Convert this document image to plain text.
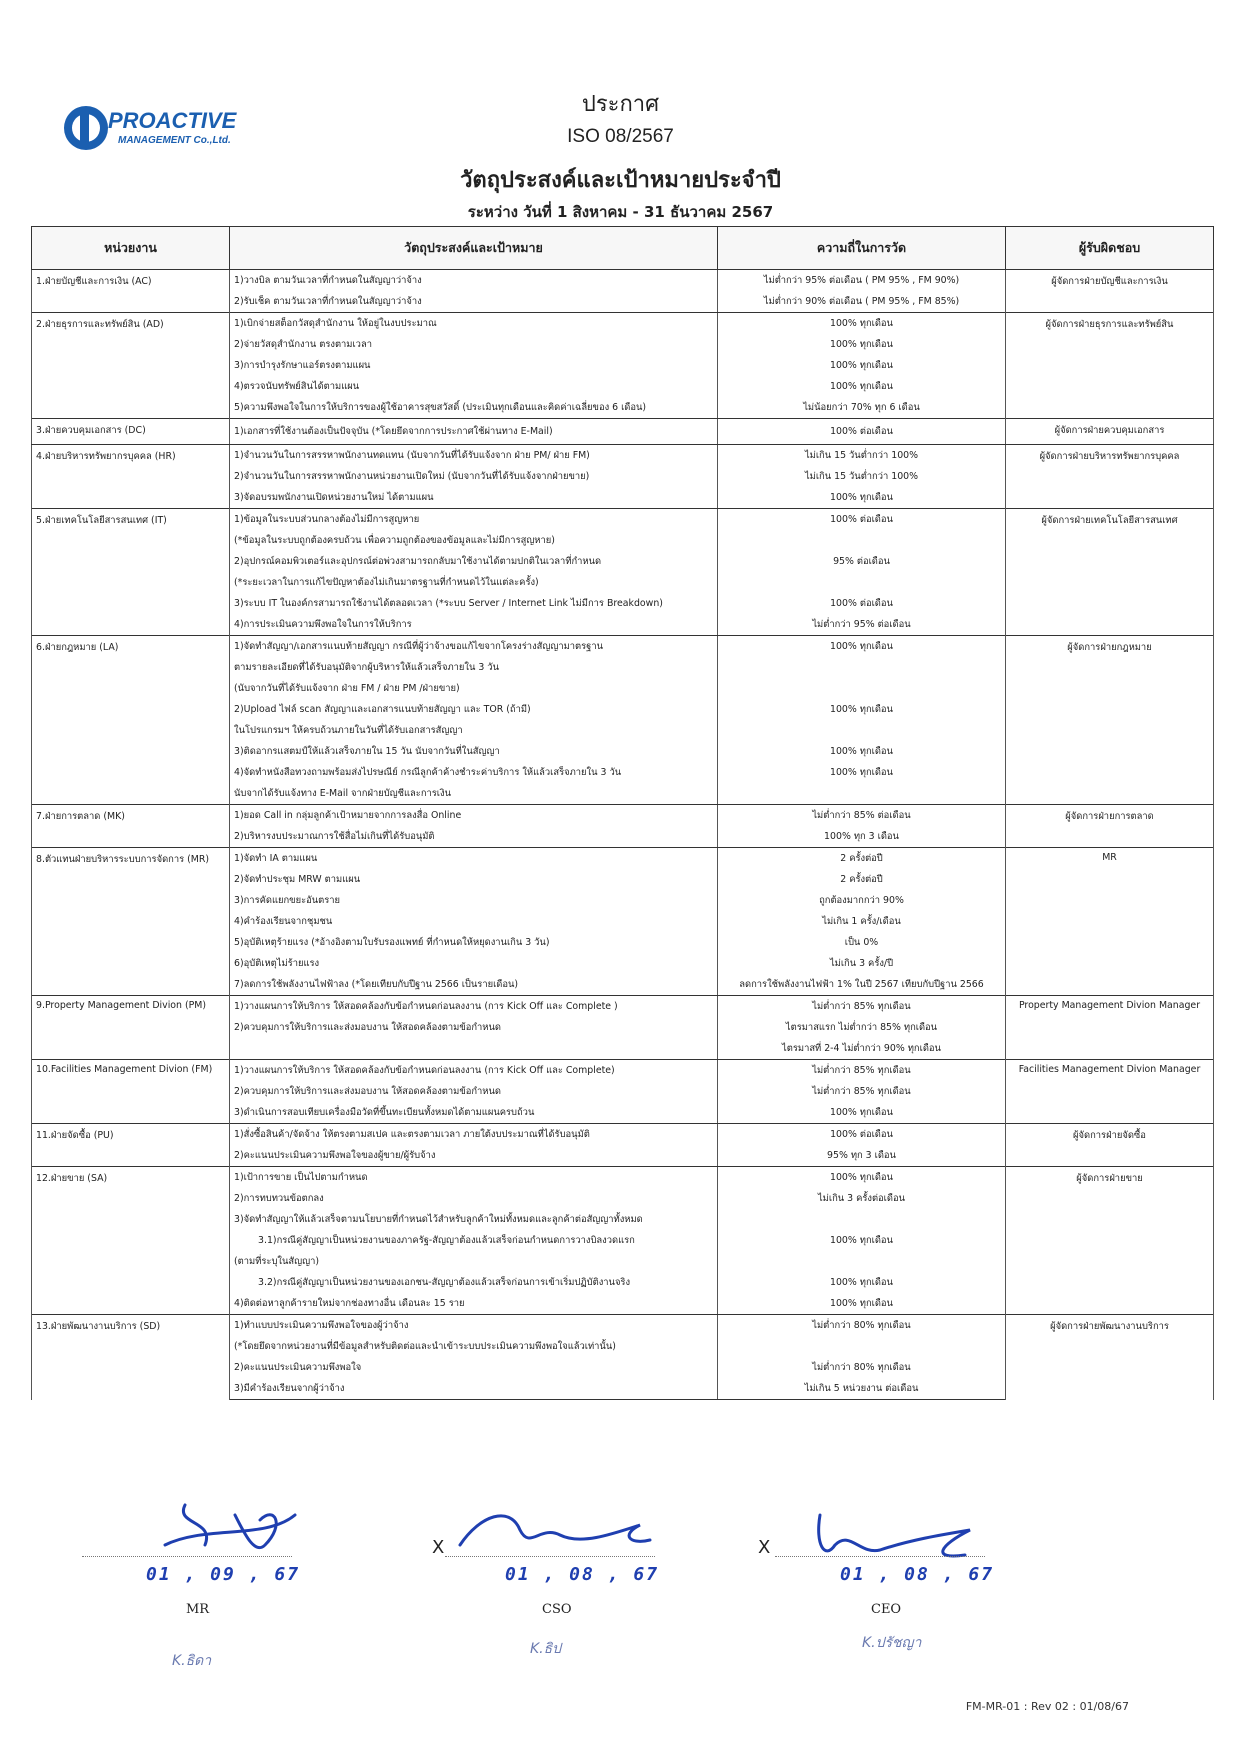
PROACTIVE
MANAGEMENT Co.,Ltd.
ประกาศ
ISO 08/2567
วัตถุประสงค์และเป้าหมายประจำปี
ระหว่าง วันที่ 1 สิงหาคม - 31 ธันวาคม 2567
หน่วยงาน	วัตถุประสงค์และเป้าหมาย	ความถี่ในการวัด	ผู้รับผิดชอบ
1.ฝ่ายบัญชีและการเงิน (AC)	1)วางบิล ตามวันเวลาที่กำหนดในสัญญาว่าจ้าง	ไม่ต่ำกว่า 95% ต่อเดือน ( PM 95% , FM 90%)	ผู้จัดการฝ่ายบัญชีและการเงิน
	2)รับเช็ค ตามวันเวลาที่กำหนดในสัญญาว่าจ้าง	ไม่ต่ำกว่า 90% ต่อเดือน ( PM 95% , FM 85%)	
2.ฝ่ายธุรการและทรัพย์สิน (AD)	1)เบิกจ่ายสต็อกวัสดุสำนักงาน ให้อยู่ในงบประมาณ	100% ทุกเดือน	ผู้จัดการฝ่ายธุรการและทรัพย์สิน
	2)จ่ายวัสดุสำนักงาน ตรงตามเวลา	100% ทุกเดือน	
	3)การบำรุงรักษาแอร์ตรงตามแผน	100% ทุกเดือน	
	4)ตรวจนับทรัพย์สินได้ตามแผน	100% ทุกเดือน	
	5)ความพึงพอใจในการให้บริการของผู้ใช้อาคารสุขสวัสดิ์ (ประเมินทุกเดือนและคิดค่าเฉลี่ยของ 6 เดือน)	ไม่น้อยกว่า 70% ทุก 6 เดือน	
3.ฝ่ายควบคุมเอกสาร (DC)	1)เอกสารที่ใช้งานต้องเป็นปัจจุบัน (*โดยยึดจากการประกาศใช้ผ่านทาง E-Mail)	100% ต่อเดือน	ผู้จัดการฝ่ายควบคุมเอกสาร
4.ฝ่ายบริหารทรัพยากรบุคคล (HR)	1)จำนวนวันในการสรรหาพนักงานทดแทน (นับจากวันที่ได้รับแจ้งจาก ฝ่าย PM/ ฝ่าย FM)	ไม่เกิน 15 วันต่ำกว่า 100%	ผู้จัดการฝ่ายบริหารทรัพยากรบุคคล
	2)จำนวนวันในการสรรหาพนักงานหน่วยงานเปิดใหม่ (นับจากวันที่ได้รับแจ้งจากฝ่ายขาย)	ไม่เกิน 15 วันต่ำกว่า 100%	
	3)จัดอบรมพนักงานเปิดหน่วยงานใหม่ ได้ตามแผน	100% ทุกเดือน	
5.ฝ่ายเทคโนโลยีสารสนเทศ (IT)	1)ข้อมูลในระบบส่วนกลางต้องไม่มีการสูญหาย	100% ต่อเดือน	ผู้จัดการฝ่ายเทคโนโลยีสารสนเทศ
	(*ข้อมูลในระบบถูกต้องครบถ้วน เพื่อความถูกต้องของข้อมูลและไม่มีการสูญหาย)		
	2)อุปกรณ์คอมพิวเตอร์และอุปกรณ์ต่อพ่วงสามารถกลับมาใช้งานได้ตามปกติในเวลาที่กำหนด	95% ต่อเดือน	
	(*ระยะเวลาในการแก้ไขปัญหาต้องไม่เกินมาตรฐานที่กำหนดไว้ในแต่ละครั้ง)		
	3)ระบบ IT ในองค์กรสามารถใช้งานได้ตลอดเวลา (*ระบบ Server / Internet Link ไม่มีการ Breakdown)	100% ต่อเดือน	
	4)การประเมินความพึงพอใจในการให้บริการ	ไม่ต่ำกว่า 95% ต่อเดือน	
6.ฝ่ายกฎหมาย (LA)	1)จัดทำสัญญา/เอกสารแนบท้ายสัญญา กรณีที่ผู้ว่าจ้างขอแก้ไขจากโครงร่างสัญญามาตรฐาน	100% ทุกเดือน	ผู้จัดการฝ่ายกฎหมาย
	ตามรายละเอียดที่ได้รับอนุมัติจากผู้บริหารให้แล้วเสร็จภายใน 3 วัน		
	(นับจากวันที่ได้รับแจ้งจาก ฝ่าย FM / ฝ่าย PM /ฝ่ายขาย)		
	2)Upload ไฟล์ scan สัญญาและเอกสารแนบท้ายสัญญา และ TOR (ถ้ามี)	100% ทุกเดือน	
	ในโปรแกรมฯ ให้ครบถ้วนภายในวันที่ได้รับเอกสารสัญญา		
	3)ติดอากรแสตมป์ให้แล้วเสร็จภายใน 15 วัน นับจากวันที่ในสัญญา	100% ทุกเดือน	
	4)จัดทำหนังสือทวงถามพร้อมส่งไปรษณีย์ กรณีลูกค้าค้างชำระค่าบริการ ให้แล้วเสร็จภายใน 3 วัน	100% ทุกเดือน	
	นับจากได้รับแจ้งทาง E-Mail จากฝ่ายบัญชีและการเงิน		
7.ฝ่ายการตลาด (MK)	1)ยอด Call in กลุ่มลูกค้าเป้าหมายจากการลงสื่อ Online	ไม่ต่ำกว่า 85% ต่อเดือน	ผู้จัดการฝ่ายการตลาด
	2)บริหารงบประมาณการใช้สื่อไม่เกินที่ได้รับอนุมัติ	100% ทุก 3 เดือน	
8.ตัวแทนฝ่ายบริหารระบบการจัดการ (MR)	1)จัดทำ IA ตามแผน	2 ครั้งต่อปี	MR
	2)จัดทำประชุม MRW ตามแผน	2 ครั้งต่อปี	
	3)การคัดแยกขยะอันตราย	ถูกต้องมากกว่า 90%	
	4)คำร้องเรียนจากชุมชน	ไม่เกิน 1 ครั้ง/เดือน	
	5)อุบัติเหตุร้ายแรง (*อ้างอิงตามใบรับรองแพทย์ ที่กำหนดให้หยุดงานเกิน 3 วัน)	เป็น 0%	
	6)อุบัติเหตุไม่ร้ายแรง	ไม่เกิน 3 ครั้ง/ปี	
	7)ลดการใช้พลังงานไฟฟ้าลง (*โดยเทียบกับปีฐาน 2566 เป็นรายเดือน)	ลดการใช้พลังงานไฟฟ้า 1% ในปี 2567 เทียบกับปีฐาน 2566	
9.Property Management Divion (PM)	1)วางแผนการให้บริการ ให้สอดคล้องกับข้อกำหนดก่อนลงงาน (การ Kick Off และ Complete )	ไม่ต่ำกว่า 85% ทุกเดือน	Property Management Divion Manager
	2)ควบคุมการให้บริการและส่งมอบงาน ให้สอดคล้องตามข้อกำหนด	ไตรมาสแรก ไม่ต่ำกว่า 85% ทุกเดือน	
		ไตรมาสที่ 2-4 ไม่ต่ำกว่า 90% ทุกเดือน	
10.Facilities Management Divion (FM)	1)วางแผนการให้บริการ ให้สอดคล้องกับข้อกำหนดก่อนลงงาน (การ Kick Off และ Complete)	ไม่ต่ำกว่า 85% ทุกเดือน	Facilities Management Divion Manager
	2)ควบคุมการให้บริการและส่งมอบงาน ให้สอดคล้องตามข้อกำหนด	ไม่ต่ำกว่า 85% ทุกเดือน	
	3)ดำเนินการสอบเทียบเครื่องมือวัดที่ขึ้นทะเบียนทั้งหมดได้ตามแผนครบถ้วน	100% ทุกเดือน	
11.ฝ่ายจัดซื้อ (PU)	1)สั่งซื้อสินค้า/จัดจ้าง ให้ตรงตามสเปค และตรงตามเวลา ภายใต้งบประมาณที่ได้รับอนุมัติ	100% ต่อเดือน	ผู้จัดการฝ่ายจัดซื้อ
	2)คะแนนประเมินความพึงพอใจของผู้ขาย/ผู้รับจ้าง	95% ทุก 3 เดือน	
12.ฝ่ายขาย (SA)	1)เป้าการขาย เป็นไปตามกำหนด	100% ทุกเดือน	ผู้จัดการฝ่ายขาย
	2)การทบทวนข้อตกลง	ไม่เกิน 3 ครั้งต่อเดือน	
	3)จัดทำสัญญาให้แล้วเสร็จตามนโยบายที่กำหนดไว้สำหรับลูกค้าใหม่ทั้งหมดและลูกค้าต่อสัญญาทั้งหมด		
	3.1)กรณีคู่สัญญาเป็นหน่วยงานของภาครัฐ-สัญญาต้องแล้วเสร็จก่อนกำหนดการวางบิลงวดแรก	100% ทุกเดือน	
	(ตามที่ระบุในสัญญา)		
	3.2)กรณีคู่สัญญาเป็นหน่วยงานของเอกชน-สัญญาต้องแล้วเสร็จก่อนการเข้าเริ่มปฏิบัติงานจริง	100% ทุกเดือน	
	4)ติดต่อหาลูกค้ารายใหม่จากช่องทางอื่น เดือนละ 15 ราย	100% ทุกเดือน	
13.ฝ่ายพัฒนางานบริการ (SD)	1)ทำแบบประเมินความพึงพอใจของผู้ว่าจ้าง	ไม่ต่ำกว่า 80% ทุกเดือน	ผู้จัดการฝ่ายพัฒนางานบริการ
	(*โดยยึดจากหน่วยงานที่มีข้อมูลสำหรับติดต่อและนำเข้าระบบประเมินความพึงพอใจแล้วเท่านั้น)		
	2)คะแนนประเมินความพึงพอใจ	ไม่ต่ำกว่า 80% ทุกเดือน	
	3)มีคำร้องเรียนจากผู้ว่าจ้าง	ไม่เกิน 5 หน่วยงาน ต่อเดือน	
01 , 09 , 67
MR
K.ธิดา
X
01 , 08 , 67
CSO
K.ธิป
X
01 , 08 , 67
CEO
K.ปรัชญา
FM-MR-01 : Rev 02 : 01/08/67
